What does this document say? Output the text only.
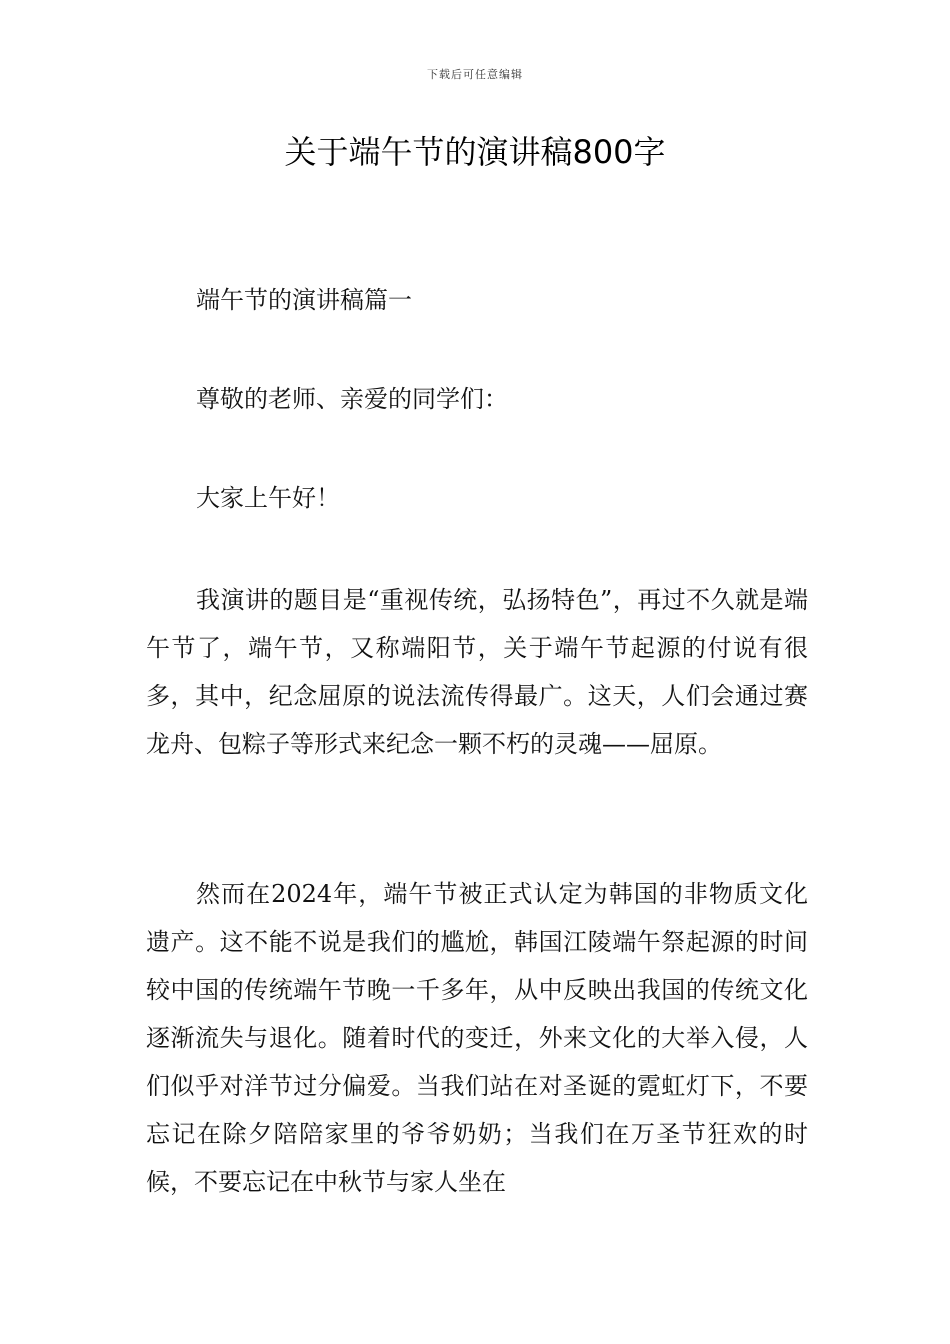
下载后可任意编辑
关于端午节的演讲稿800字

端午节的演讲稿篇一

尊敬的老师、亲爱的同学们：

大家上午好！

我演讲的题目是“重视传统，弘扬特色”，再过不久就是端午节了，端午节，又称端阳节，关于端午节起源的付说有很多，其中，纪念屈原的说法流传得最广。这天，人们会通过赛龙舟、包粽子等形式来纪念一颗不朽的灵魂——屈原。

然而在2024年，端午节被正式认定为韩国的非物质文化遗产。这不能不说是我们的尴尬，韩国江陵端午祭起源的时间较中国的传统端午节晚一千多年，从中反映出我国的传统文化逐渐流失与退化。随着时代的变迁，外来文化的大举入侵，人们似乎对洋节过分偏爱。当我们站在对圣诞的霓虹灯下，不要忘记在除夕陪陪家里的爷爷奶奶；当我们在万圣节狂欢的时候，不要忘记在中秋节与家人坐在
